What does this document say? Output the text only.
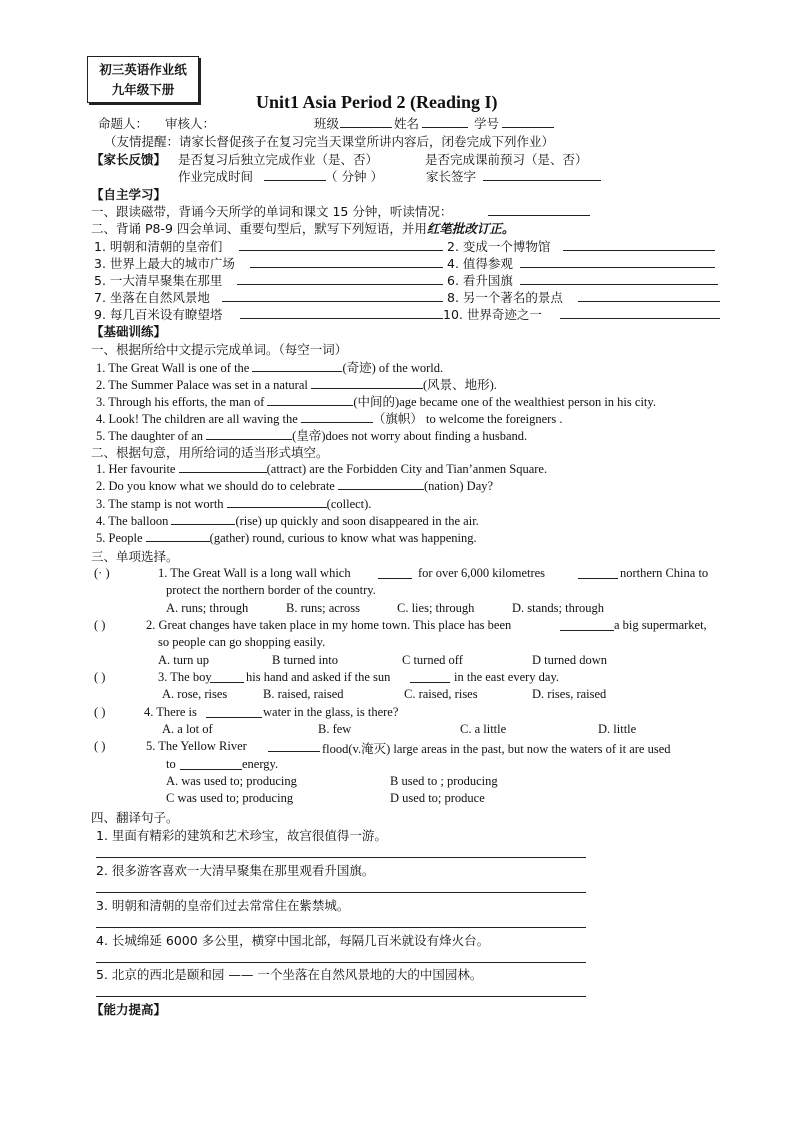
初三英语作业纸
九年级下册
Unit1 Asia Period 2 (Reading I)
命题人： 审核人：	班级	姓名	学号
（友情提醒：请家长督促孩子在复习完当天课堂所讲内容后，闭卷完成下列作业）
【家长反馈】 是否复习后独立完成作业（是、否）	是否完成课前预习（是、否）
作业完成时间	（ 分钟 ）	家长签字
【自主学习】
一、跟读磁带，背诵今天所学的单词和课文 15 分钟，听读情况：
二、背诵 P8-9 四会单词、重要句型后，默写下列短语，并用红笔批改订正。
1. 明朝和清朝的皇帝们	2. 变成一个博物馆
3. 世界上最大的城市广场	4. 值得参观
5. 一大清早聚集在那里	6. 看升国旗
7. 坐落在自然风景地	8. 另一个著名的景点
9. 每几百米设有瞭望塔	10. 世界奇迹之一
【基础训练】
一、根据所给中文提示完成单词。（每空一词）
1. The Great Wall is one of the	(奇迹) of the world.
2. The Summer Palace was set in a natural	(风景、地形).
3. Through his efforts, the man of	(中间的)age became one of the wealthiest person in his city.
4. Look! The children are all waving the	（旗帜） to welcome the foreigners .
5. The daughter of an	(皇帝)does not worry about finding a husband.
二、根据句意，用所给词的适当形式填空。
1. Her favourite	(attract) are the Forbidden City and Tian’anmen Square.
2. Do you know what we should do to celebrate	(nation) Day?
3. The stamp is not worth	(collect).
4. The balloon	(rise) up quickly and soon disappeared in the air.
5. People	(gather) round, curious to know what was happening.
三、单项选择。
(· )	1. The Great Wall is a long wall which	for over 6,000 kilometres	northern China to
protect the northern border of the country.
A. runs; through	B. runs; across	C. lies; through	D. stands; through
( )	2. Great changes have taken place in my home town. This place has been	a big supermarket,
so people can go shopping easily.
A. turn up	B turned into	C turned off	D turned down
( )	3. The boy	his hand and asked if the sun	in the east every day.
A. rose, rises	B. raised, raised	C. raised, rises	D. rises, raised
( )	4. There is	water in the glass, is there?
A. a lot of	B. few	C. a little	D. little
( )	5. The Yellow River	flood(v.淹灭) large areas in the past, but now the waters of it are used
to	energy.
A. was used to; producing	B used to ; producing
C was used to; producing	D used to; produce
四、翻译句子。
1. 里面有精彩的建筑和艺术珍宝，故宫很值得一游。
2. 很多游客喜欢一大清早聚集在那里观看升国旗。
3. 明朝和清朝的皇帝们过去常常住在紫禁城。
4. 长城绵延 6000 多公里，横穿中国北部，每隔几百米就设有烽火台。
5. 北京的西北是颐和园 —— 一个坐落在自然风景地的大的中国园林。
【能力提高】
